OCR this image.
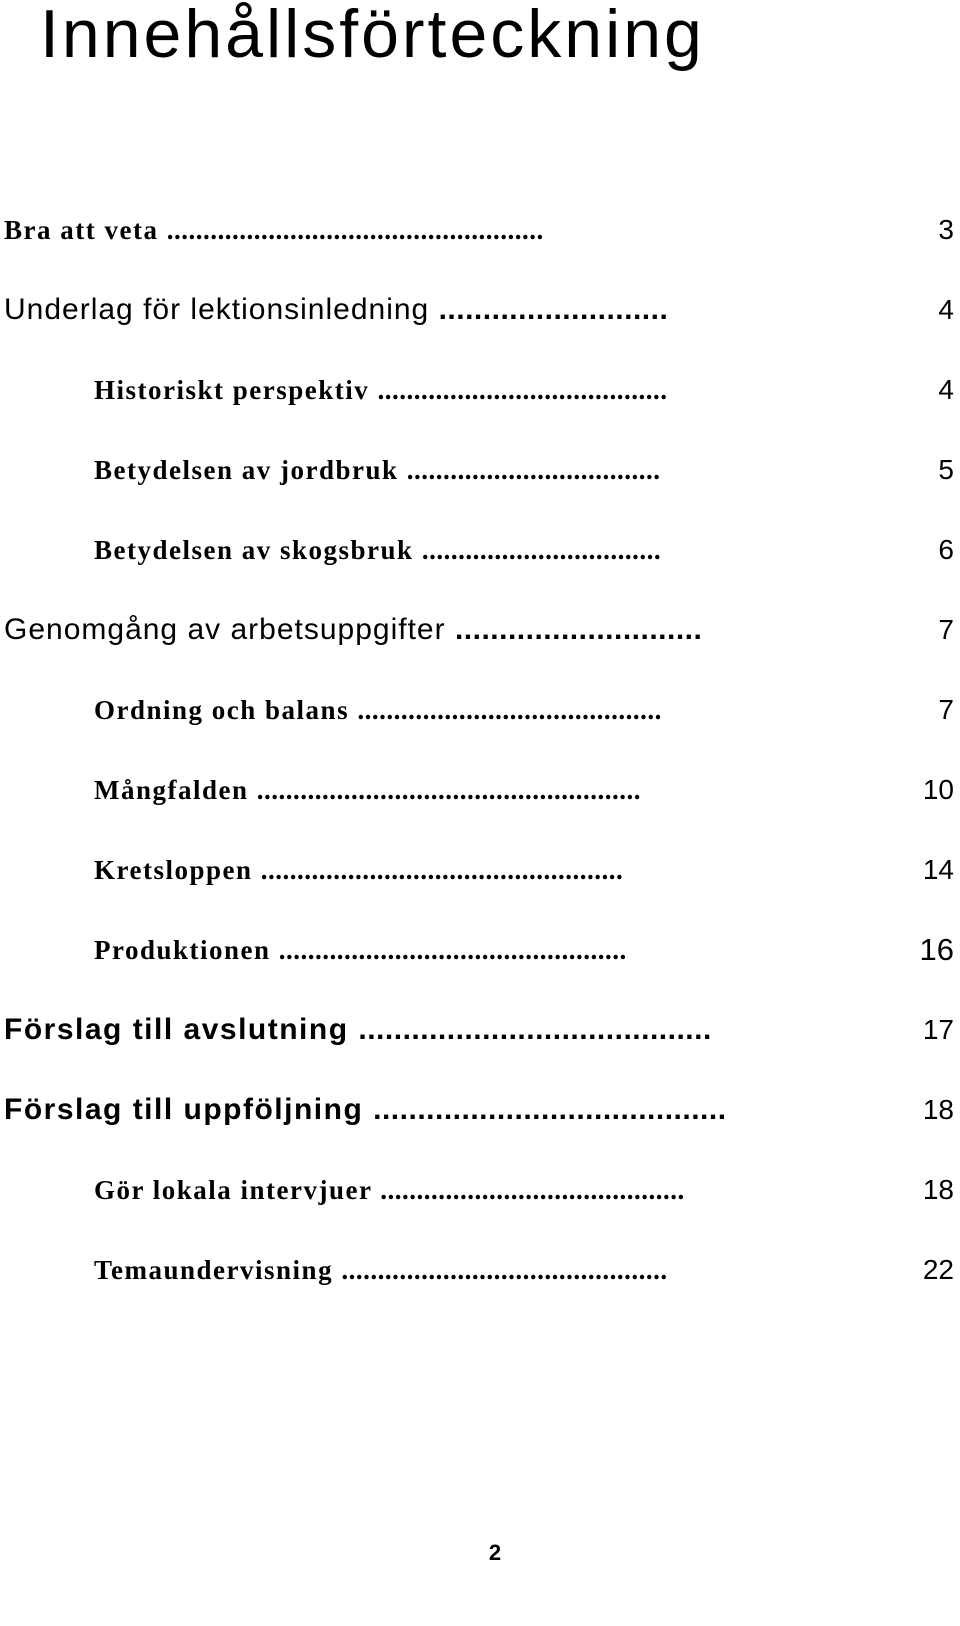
Innehållsförteckning
Bra att veta ....................................................	3
Underlag för lektionsinledning ..........................	4
Historiskt perspektiv ........................................	4
Betydelsen av jordbruk ...................................	5
Betydelsen av skogsbruk .................................	6
Genomgång av arbetsuppgifter ............................	7
Ordning och balans ..........................................	7
Mångfalden .....................................................	10
Kretsloppen ..................................................	14
Produktionen ................................................	16
Förslag till avslutning ........................................	17
Förslag till uppföljning ........................................	18
Gör lokala intervjuer ..........................................	18
Temaundervisning .............................................	22
2
